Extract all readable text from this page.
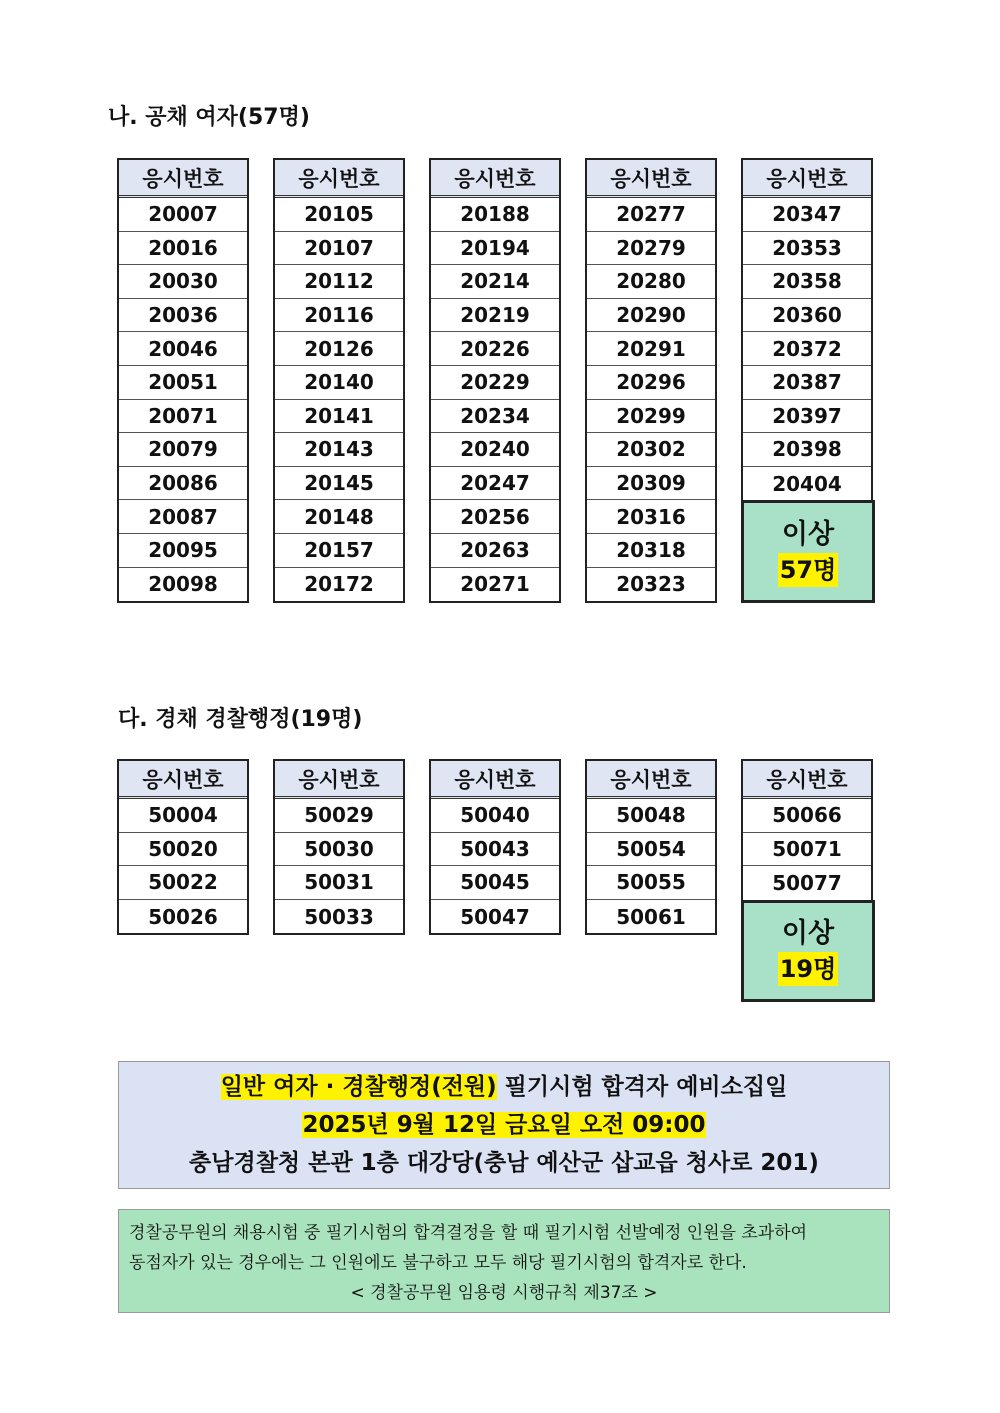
나. 공채 여자(57명)
응시번호
20007
20016
20030
20036
20046
20051
20071
20079
20086
20087
20095
20098
응시번호
20105
20107
20112
20116
20126
20140
20141
20143
20145
20148
20157
20172
응시번호
20188
20194
20214
20219
20226
20229
20234
20240
20247
20256
20263
20271
응시번호
20277
20279
20280
20290
20291
20296
20299
20302
20309
20316
20318
20323
응시번호
20347
20353
20358
20360
20372
20387
20397
20398
20404
이상
57명
다. 경채 경찰행정(19명)
응시번호
50004
50020
50022
50026
응시번호
50029
50030
50031
50033
응시번호
50040
50043
50045
50047
응시번호
50048
50054
50055
50061
응시번호
50066
50071
50077
이상
19명
일반 여자 · 경찰행정(전원) 필기시험 합격자 예비소집일
2025년 9월 12일 금요일 오전 09:00
충남경찰청 본관 1층 대강당(충남 예산군 삽교읍 청사로 201)

경찰공무원의 채용시험 중 필기시험의 합격결정을 할 때 필기시험 선발예정 인원을 초과하여

동점자가 있는 경우에는 그 인원에도 불구하고 모두 해당 필기시험의 합격자로 한다.

< 경찰공무원 임용령 시행규칙 제37조 >
